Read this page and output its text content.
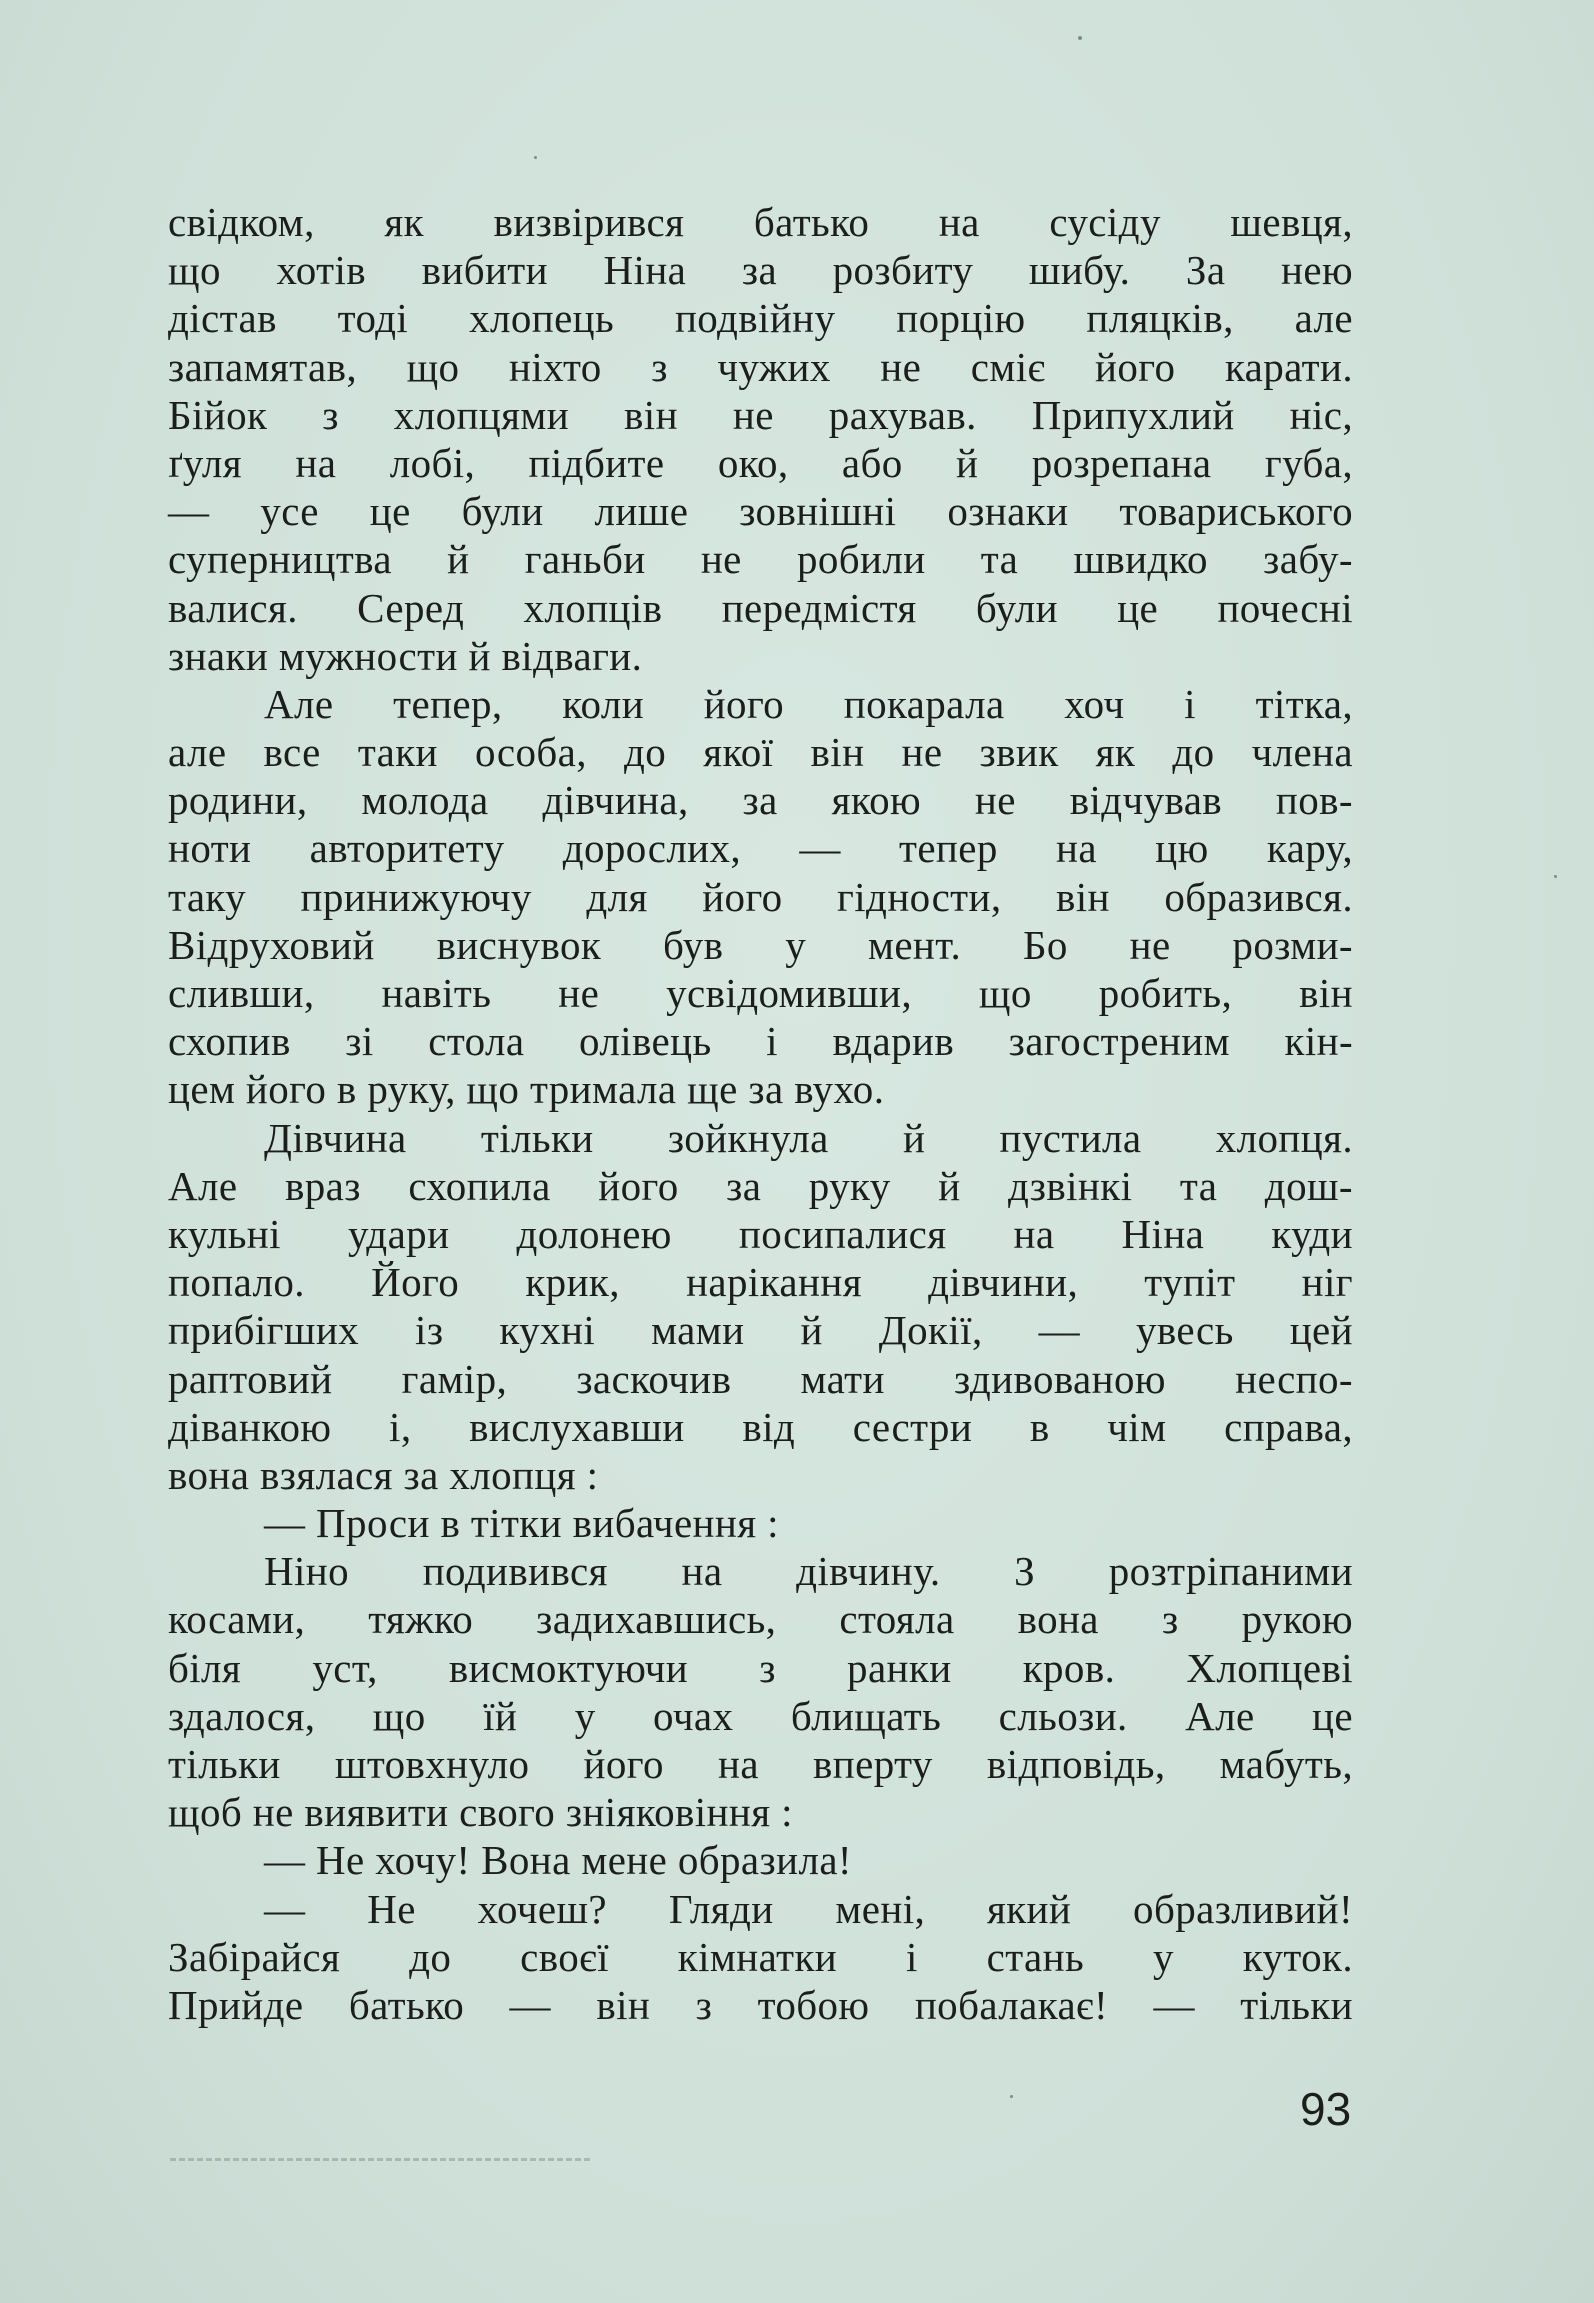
свідком, як визвірився батько на сусіду шевця,
що хотів вибити Ніна за розбиту шибу. За нею
дістав тоді хлопець подвійну порцію пляцків, але
запамятав, що ніхто з чужих не сміє його карати.
Бійок з хлопцями він не рахував. Припухлий ніс,
ґуля на лобі, підбите око, або й розрепана губа,
— усе це були лише зовнішні ознаки товариського
суперництва й ганьби не робили та швидко забу-
валися. Серед хлопців передмістя були це почесні
знаки мужности й відваги.
Але тепер, коли його покарала хоч і тітка,
але все таки особа, до якої він не звик як до члена
родини, молода дівчина, за якою не відчував пов-
ноти авторитету дорослих, — тепер на цю кару,
таку принижуючу для його гідности, він образився.
Відруховий виснувок був у мент. Бо не розми-
сливши, навіть не усвідомивши, що робить, він
схопив зі стола олівець і вдарив загостреним кін-
цем його в руку, що тримала ще за вухо.
Дівчина тільки зойкнула й пустила хлопця.
Але враз схопила його за руку й дзвінкі та дош-
кульні удари долонею посипалися на Ніна куди
попало. Його крик, нарікання дівчини, тупіт ніг
прибігших із кухні мами й Докії, — увесь цей
раптовий гамір, заскочив мати здивованою неспо-
діванкою і, вислухавши від сестри в чім справа,
вона взялася за хлопця :
— Проси в тітки вибачення :
Ніно подивився на дівчину. З розтріпаними
косами, тяжко задихавшись, стояла вона з рукою
біля уст, висмоктуючи з ранки кров. Хлопцеві
здалося, що їй у очах блищать сльози. Але це
тільки штовхнуло його на вперту відповідь, мабуть,
щоб не виявити свого зніяковіння :
— Не хочу! Вона мене образила!
— Не хочеш? Гляди мені, який образливий!
Забірайся до своєї кімнатки і стань у куток.
Прийде батько — він з тобою побалакає! — тільки
93
